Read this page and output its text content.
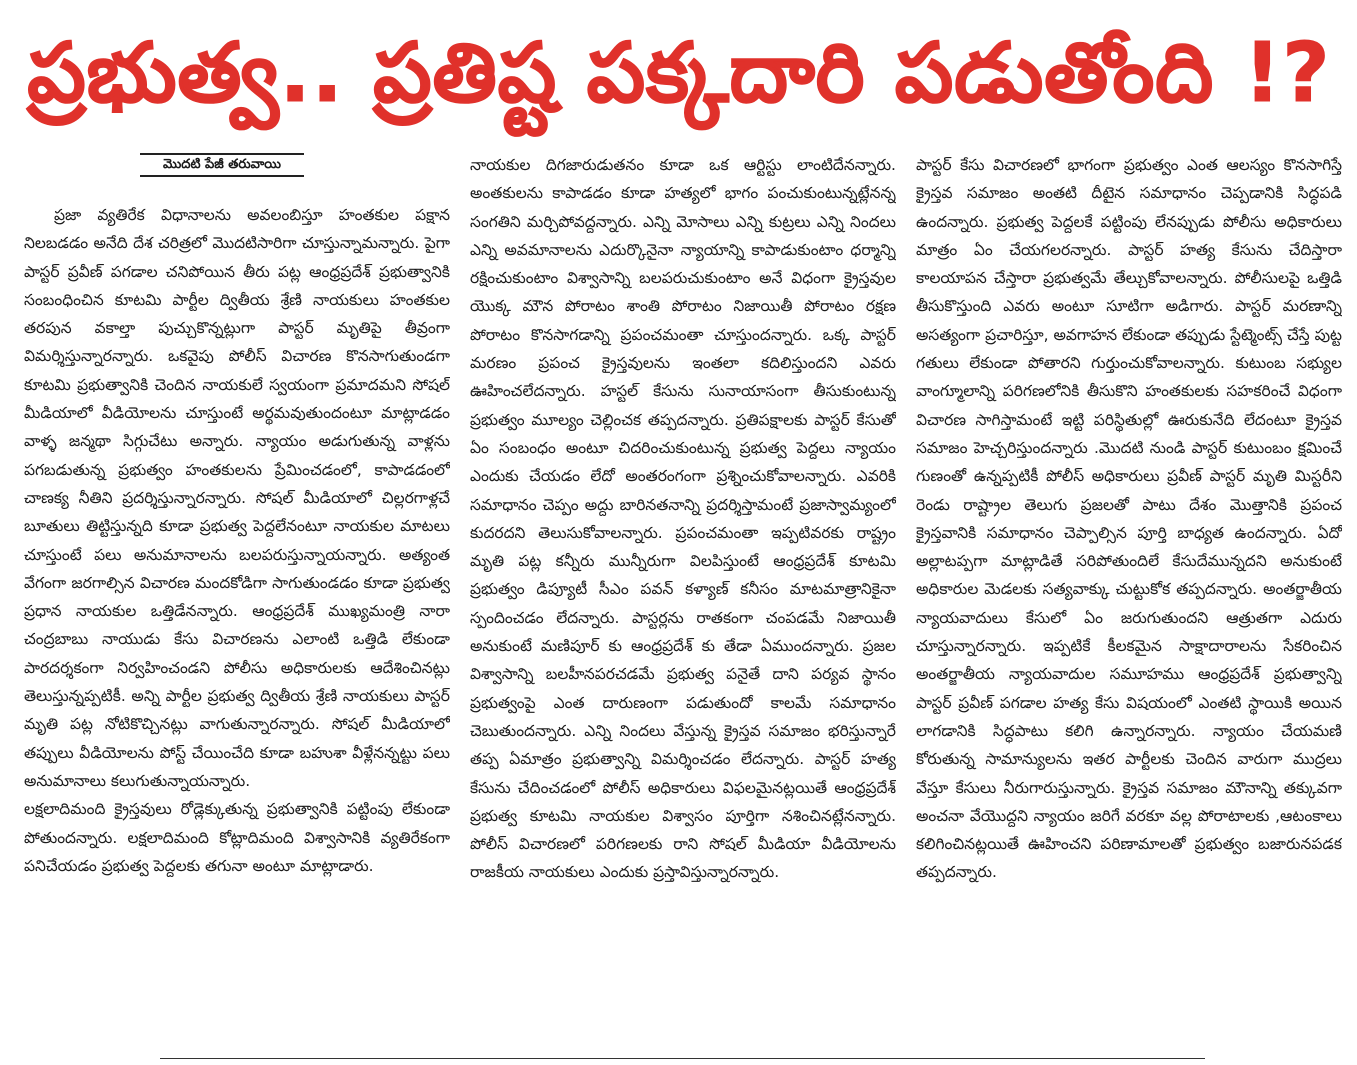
ప్రభుత్వ.. ప్రతిష్ట పక్కదారి పడుతోంది !?
మొదటి పేజీ తరువాయి

ప్రజా వ్యతిరేక విధానాలను అవలంబిస్తూ హంతకుల పక్షాన నిలబడడం అనేది దేశ చరిత్రలో మొదటిసారిగా చూస్తున్నామన్నారు. పైగా పాస్టర్ ప్రవీణ్ పగడాల చనిపోయిన తీరు పట్ల ఆంధ్రప్రదేశ్ ప్రభుత్వానికి సంబంధించిన కూటమి పార్టీల ద్వితీయ శ్రేణి నాయకులు హంతకుల తరపున వకాల్తా పుచ్చుకొన్నట్లుగా పాస్టర్ మృతిపై తీవ్రంగా విమర్శిస్తున్నారన్నారు. ఒకవైపు పోలీస్ విచారణ కొనసాగుతుండగా కూటమి ప్రభుత్వానికి చెందిన నాయకులే స్వయంగా ప్రమాదమని సోషల్ మీడియాలో వీడియోలను చూస్తుంటే అర్థమవుతుందంటూ మాట్లాడడం వాళ్ళ జన్మథా సిగ్గుచేటు అన్నారు. న్యాయం అడుగుతున్న వాళ్లను పగబడుతున్న ప్రభుత్వం హంతకులను ప్రేమించడంలో, కాపాడడంలో చాణక్య నీతిని ప్రదర్శిస్తున్నారన్నారు. సోషల్ మీడియాలో చిల్లరగాళ్లచే బూతులు తిట్టిస్తున్నది కూడా ప్రభుత్వ పెద్దలేనంటూ నాయకుల మాటలు చూస్తుంటే పలు అనుమానాలను బలపరుస్తున్నాయన్నారు. అత్యంత వేగంగా జరగాల్సిన విచారణ మందకోడిగా సాగుతుండడం కూడా ప్రభుత్వ ప్రధాన నాయకుల ఒత్తిడేనన్నారు. ఆంధ్రప్రదేశ్ ముఖ్యమంత్రి నారా చంద్రబాబు నాయుడు కేసు విచారణను ఎలాంటి ఒత్తిడి లేకుండా పారదర్శకంగా నిర్వహించండని పోలీసు అధికారులకు ఆదేశించినట్లు తెలుస్తున్నప్పటికీ. అన్ని పార్టీల ప్రభుత్వ ద్వితీయ శ్రేణి నాయకులు పాస్టర్ మృతి పట్ల నోటికొచ్చినట్లు వాగుతున్నారన్నారు. సోషల్ మీడియాలో తప్పులు వీడియోలను పోస్ట్ చేయించేది కూడా బహుశా వీళ్లేనన్నట్టు పలు అనుమానాలు కలుగుతున్నాయన్నారు.

లక్షలాదిమంది క్రైస్తవులు రోడ్లెక్కుతున్న ప్రభుత్వానికి పట్టింపు లేకుండా పోతుందన్నారు. లక్షలాదిమంది కోట్లాదిమంది విశ్వాసానికి వ్యతిరేకంగా పనిచేయడం ప్రభుత్వ పెద్దలకు తగునా అంటూ మాట్లాడారు.

నాయకుల దిగజారుడుతనం కూడా ఒక ఆర్టిస్టు లాంటిదేనన్నారు. అంతకులను కాపాడడం కూడా హత్యలో భాగం పంచుకుంటున్నట్లేనన్న సంగతిని మర్చిపోవద్దన్నారు. ఎన్ని మోసాలు ఎన్ని కుట్రలు ఎన్ని నిందలు ఎన్ని అవమానాలను ఎదుర్కొనైనా న్యాయాన్ని కాపాడుకుంటాం ధర్మాన్ని రక్షించుకుంటాం విశ్వాసాన్ని బలపరుచుకుంటాం అనే విధంగా క్రైస్తవుల యొక్క మౌన పోరాటం శాంతి పోరాటం నిజాయితీ పోరాటం రక్షణ పోరాటం కొనసాగడాన్ని ప్రపంచమంతా చూస్తుందన్నారు. ఒక్క పాస్టర్ మరణం ప్రపంచ క్రైస్తవులను ఇంతలా కదిలిస్తుందని ఎవరు ఊహించలేదన్నారు. హస్టల్ కేసును సునాయాసంగా తీసుకుంటున్న ప్రభుత్వం మూల్యం చెల్లించక తప్పదన్నారు. ప్రతిపక్షాలకు పాస్టర్ కేసుతో ఏం సంబంధం అంటూ చిదరించుకుంటున్న ప్రభుత్వ పెద్దలు న్యాయం ఎందుకు చేయడం లేదో అంతరంగంగా ప్రశ్నించుకోవాలన్నారు. ఎవరికి సమాధానం చెప్పం అద్దు బారినతనాన్ని ప్రదర్శిస్తామంటే ప్రజాస్వామ్యంలో కుదరదని తెలుసుకోవాలన్నారు. ప్రపంచమంతా ఇప్పటివరకు రాష్ట్రం మృతి పట్ల కన్నీరు మున్నీరుగా విలపిస్తుంటే ఆంధ్రప్రదేశ్ కూటమి ప్రభుత్వం డిప్యూటీ సీఎం పవన్ కళ్యాణ్ కనీసం మాటమాత్రానికైనా స్పందించడం లేదన్నారు. పాస్టర్లను రాతకంగా చంపడమే నిజాయితీ అనుకుంటే మణిపూర్ కు ఆంధ్రప్రదేశ్ కు తేడా ఏముందన్నారు. ప్రజల విశ్వాసాన్ని బలహీనపరచడమే ప్రభుత్వ పనైతే దాని పర్యవ స్థానం ప్రభుత్వంపై ఎంత దారుణంగా పడుతుందో కాలమే సమాధానం చెబుతుందన్నారు. ఎన్ని నిందలు వేస్తున్న క్రైస్తవ సమాజం భరిస్తున్నారే తప్ప ఏమాత్రం ప్రభుత్వాన్ని విమర్శించడం లేదన్నారు. పాస్టర్ హత్య కేసును చేదించడంలో పోలీస్ అధికారులు విఫలమైనట్లయితే ఆంధ్రప్రదేశ్ ప్రభుత్వ కూటమి నాయకుల విశ్వాసం పూర్తిగా నశించినట్లేనన్నారు. పోలీస్ విచారణలో పరిగణలకు రాని సోషల్ మీడియా వీడియోలను రాజకీయ నాయకులు ఎందుకు ప్రస్తావిస్తున్నారన్నారు.

పాస్టర్ కేసు విచారణలో భాగంగా ప్రభుత్వం ఎంత ఆలస్యం కొనసాగిస్తే క్రైస్తవ సమాజం అంతటి దీటైన సమాధానం చెప్పడానికి సిద్ధపడి ఉందన్నారు. ప్రభుత్వ పెద్దలకే పట్టింపు లేనప్పుడు పోలీసు అధికారులు మాత్రం ఏం చేయగలరన్నారు. పాస్టర్ హత్య కేసును చేదిస్తారా కాలయాపన చేస్తారా ప్రభుత్వమే తేల్చుకోవాలన్నారు. పోలీసులపై ఒత్తిడి తీసుకొస్తుంది ఎవరు అంటూ సూటిగా అడిగారు. పాస్టర్ మరణాన్ని అసత్యంగా ప్రచారిస్తూ, అవగాహన లేకుండా తప్పుడు స్టేట్మెంట్స్ చేస్తే పుట్ట గతులు లేకుండా పోతారని గుర్తుంచుకోవాలన్నారు. కుటుంబ సభ్యుల వాంగ్మూలాన్ని పరిగణలోనికి తీసుకొని హంతకులకు సహకరించే విధంగా విచారణ సాగిస్తామంటే ఇట్టి పరిస్థితుల్లో ఊరుకునేది లేదంటూ క్రైస్తవ సమాజం హెచ్చరిస్తుందన్నారు .మొదటి నుండి పాస్టర్ కుటుంబం క్షమించే గుణంతో ఉన్నప్పటికీ పోలీస్ అధికారులు ప్రవీణ్ పాస్టర్ మృతి మిస్టరీని రెండు రాష్ట్రాల తెలుగు ప్రజలతో పాటు దేశం మొత్తానికి ప్రపంచ క్రైస్తవానికి సమాధానం చెప్పాల్సిన పూర్తి బాధ్యత ఉందన్నారు. ఏదో అల్లాటప్పగా మాట్లాడితే సరిపోతుందిలే కేసుదేమున్నదని అనుకుంటే అధికారుల మెడలకు సత్యవాక్కు చుట్టుకోక తప్పదన్నారు. అంతర్జాతీయ న్యాయవాదులు కేసులో ఏం జరుగుతుందని ఆత్రుతగా ఎదురు చూస్తున్నారన్నారు. ఇప్పటికే కీలకమైన సాక్షాదారాలను సేకరించిన అంతర్జాతీయ న్యాయవాదుల సమూహము ఆంధ్రప్రదేశ్ ప్రభుత్వాన్ని పాస్టర్ ప్రవీణ్ పగడాల హత్య కేసు విషయంలో ఎంతటి స్థాయికి అయిన లాగడానికి సిద్ధపాటు కలిగి ఉన్నారన్నారు. న్యాయం చేయమణి కోరుతున్న సామాన్యులను ఇతర పార్టీలకు చెందిన వారుగా ముద్రలు వేస్తూ కేసులు నీరుగారుస్తున్నారు. క్రైస్తవ సమాజం మౌనాన్ని తక్కువగా అంచనా వేయొద్దని న్యాయం జరిగే వరకూ వల్ల పోరాటాలకు ,ఆటంకాలు కలిగించినట్లయితే ఊహించని పరిణామాలతో ప్రభుత్వం బజారునపడక తప్పదన్నారు.
